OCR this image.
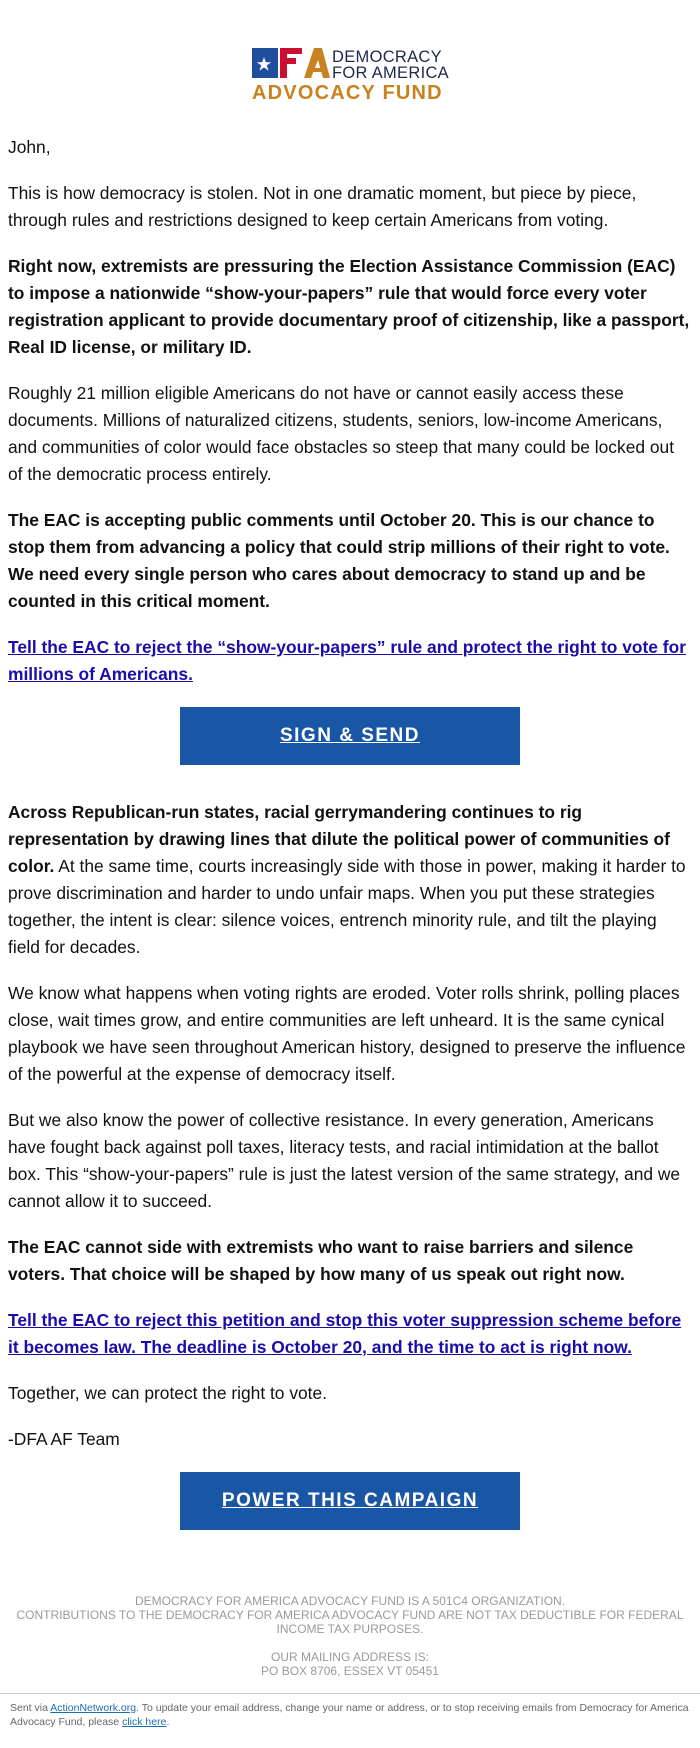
DEMOCRACY
FOR AMERICA
ADVOCACY FUND

John,

This is how democracy is stolen. Not in one dramatic moment, but piece by piece, through rules and restrictions designed to keep certain Americans from voting.

Right now, extremists are pressuring the Election Assistance Commission (EAC) to impose a nationwide “show-your-papers” rule that would force every voter registration applicant to provide documentary proof of citizenship, like a passport, Real ID license, or military ID.

Roughly 21 million eligible Americans do not have or cannot easily access these documents. Millions of naturalized citizens, students, seniors, low-income Americans, and communities of color would face obstacles so steep that many could be locked out of the democratic process entirely.

The EAC is accepting public comments until October 20. This is our chance to stop them from advancing a policy that could strip millions of their right to vote. We need every single person who cares about democracy to stand up and be counted in this critical moment.

Tell the EAC to reject the “show-your-papers” rule and protect the right to vote for millions of Americans.

SIGN & SEND

Across Republican-run states, racial gerrymandering continues to rig representation by drawing lines that dilute the political power of communities of color. At the same time, courts increasingly side with those in power, making it harder to prove discrimination and harder to undo unfair maps. When you put these strategies together, the intent is clear: silence voices, entrench minority rule, and tilt the playing field for decades.

We know what happens when voting rights are eroded. Voter rolls shrink, polling places close, wait times grow, and entire communities are left unheard. It is the same cynical playbook we have seen throughout American history, designed to preserve the influence of the powerful at the expense of democracy itself.

But we also know the power of collective resistance. In every generation, Americans have fought back against poll taxes, literacy tests, and racial intimidation at the ballot box. This “show-your-papers” rule is just the latest version of the same strategy, and we cannot allow it to succeed.

The EAC cannot side with extremists who want to raise barriers and silence voters. That choice will be shaped by how many of us speak out right now.

Tell the EAC to reject this petition and stop this voter suppression scheme before it becomes law. The deadline is October 20, and the time to act is right now.

Together, we can protect the right to vote.

-DFA AF Team

POWER THIS CAMPAIGN
DEMOCRACY FOR AMERICA ADVOCACY FUND IS A 501C4 ORGANIZATION.
CONTRIBUTIONS TO THE DEMOCRACY FOR AMERICA ADVOCACY FUND ARE NOT TAX DEDUCTIBLE FOR FEDERAL INCOME TAX PURPOSES.
OUR MAILING ADDRESS IS:
PO BOX 8706, ESSEX VT 05451
Sent via ActionNetwork.org. To update your email address, change your name or address, or to stop receiving emails from Democracy for America Advocacy Fund, please click here.
